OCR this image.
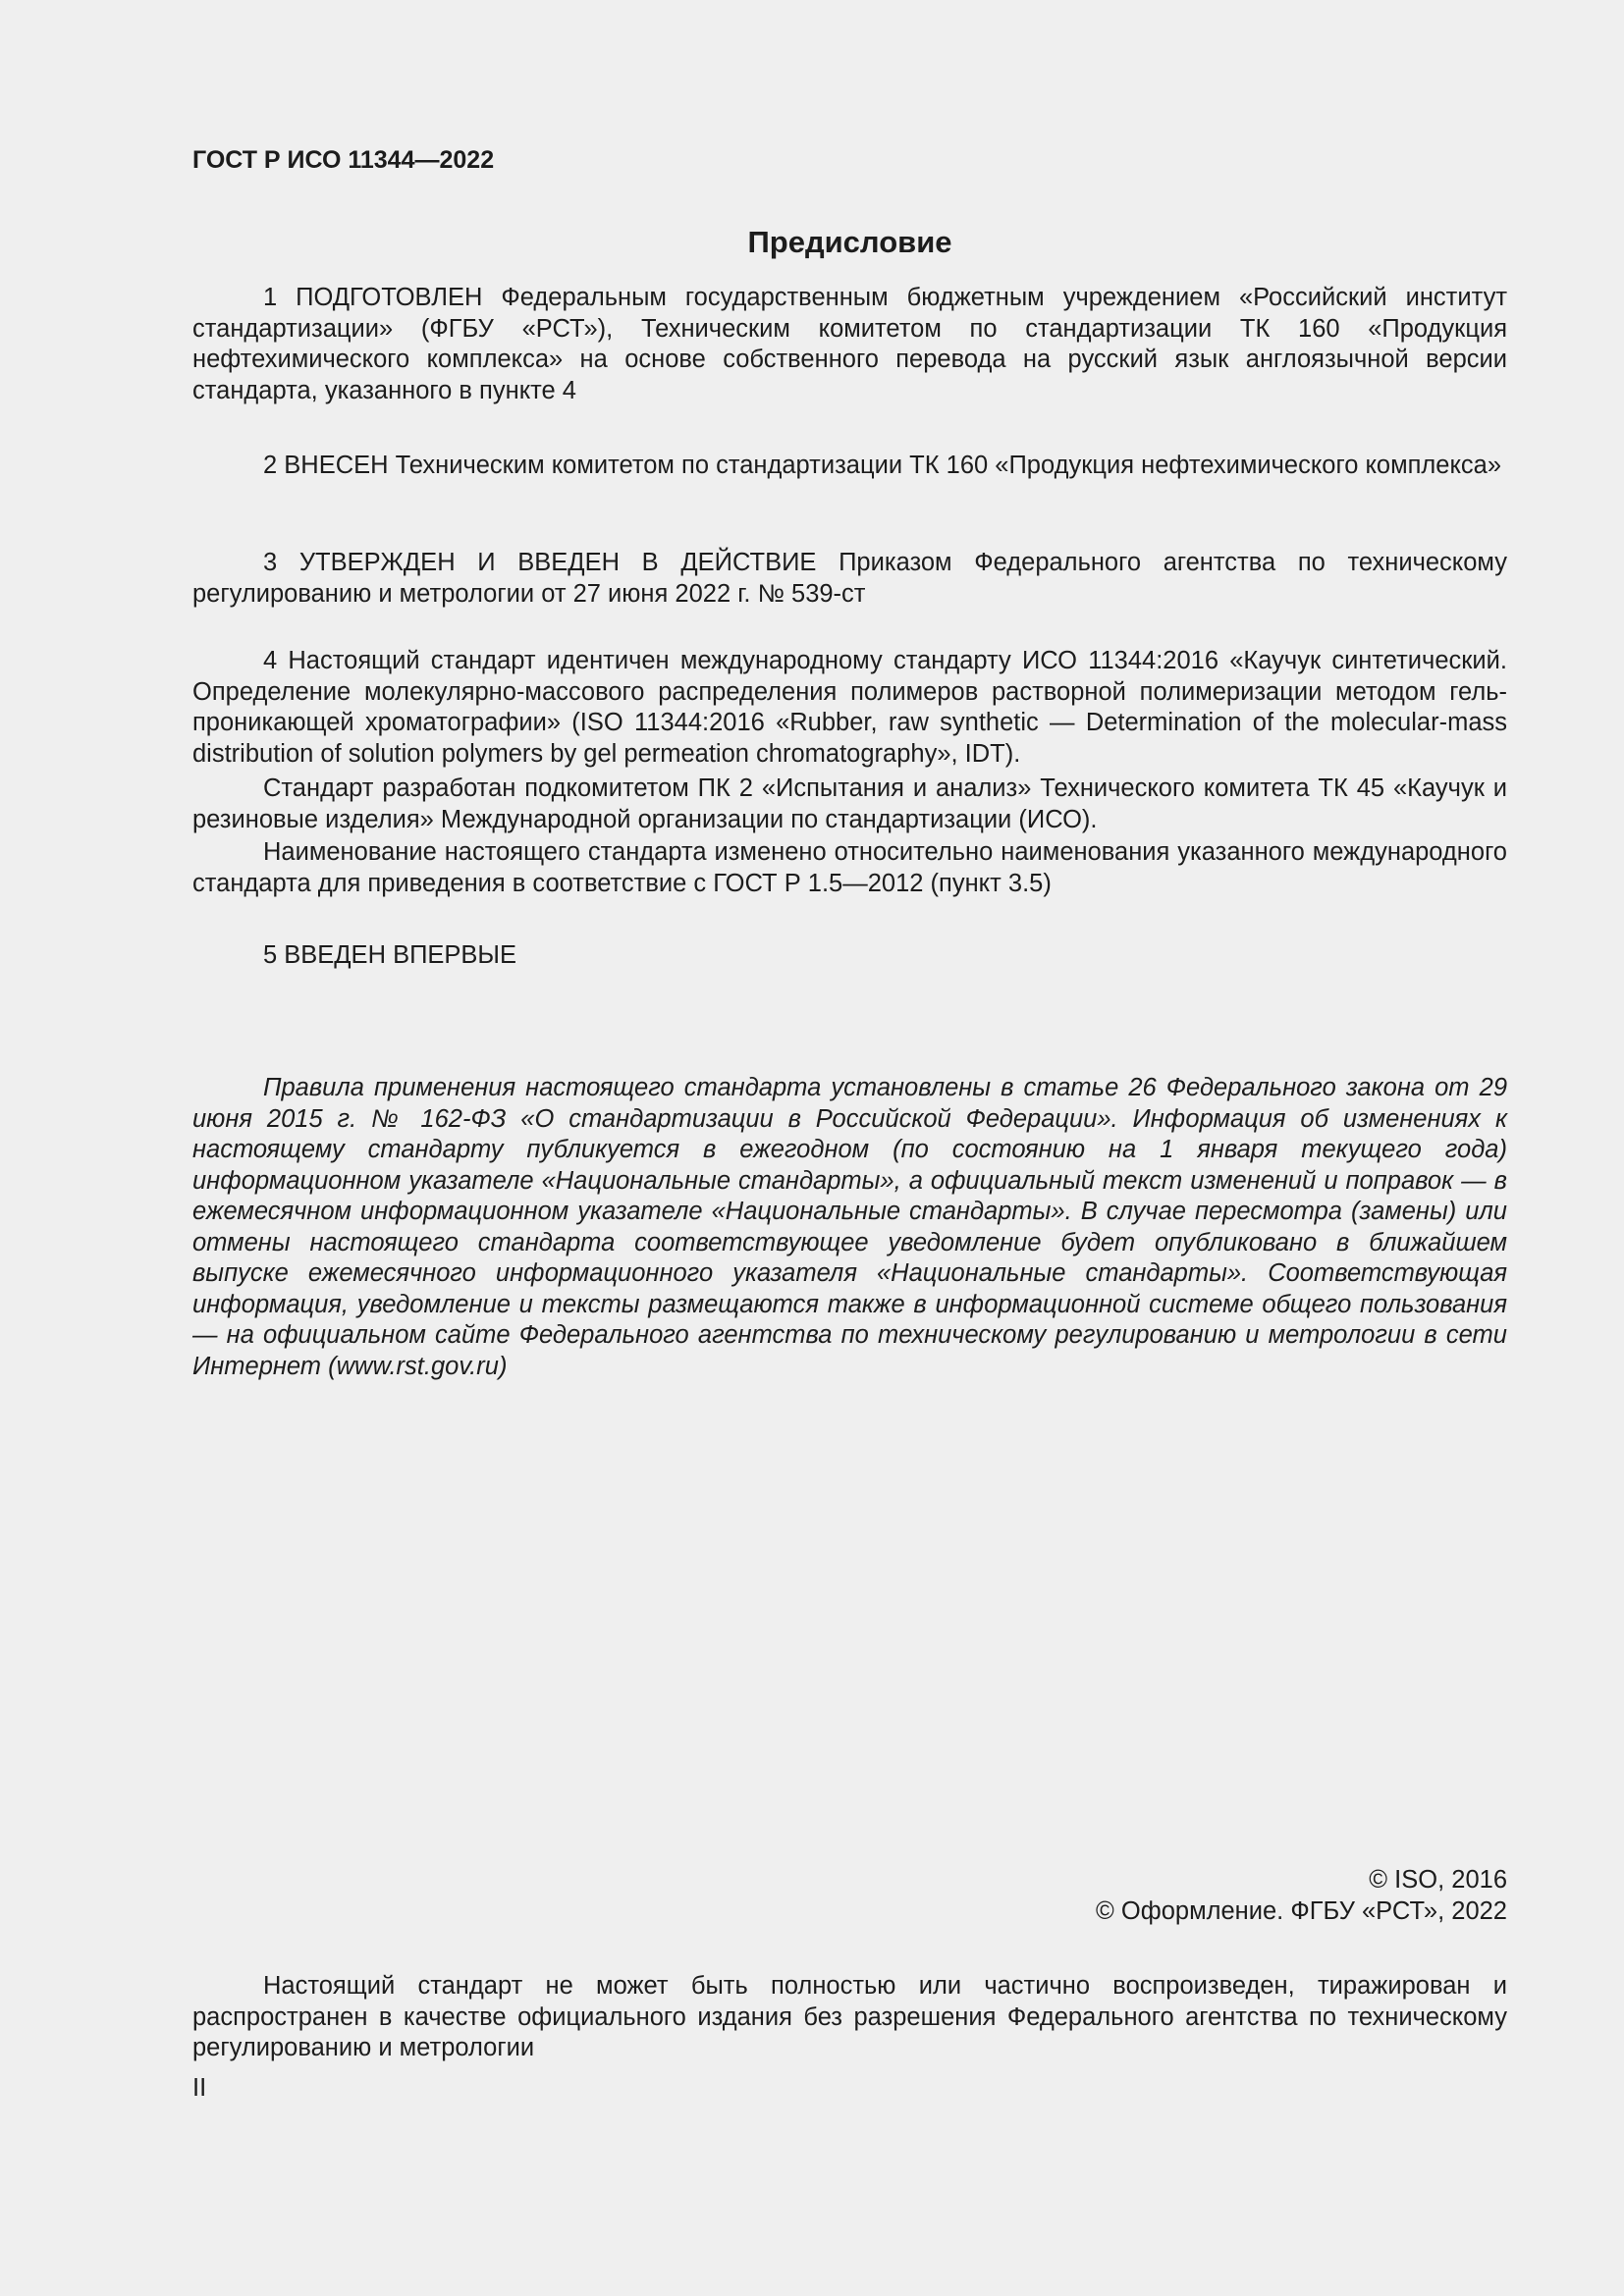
ГОСТ Р ИСО 11344—2022

Предисловие

1 ПОДГОТОВЛЕН Федеральным государственным бюджетным учреждением «Российский институт стандартизации» (ФГБУ «РСТ»), Техническим комитетом по стандартизации ТК 160 «Продукция нефтехимического комплекса» на основе собственного перевода на русский язык англоязычной версии стандарта, указанного в пункте 4

2 ВНЕСЕН Техническим комитетом по стандартизации ТК 160 «Продукция нефтехимического комплекса»

3 УТВЕРЖДЕН И ВВЕДЕН В ДЕЙСТВИЕ Приказом Федерального агентства по техническому регулированию и метрологии от 27 июня 2022 г. № 539-ст

4 Настоящий стандарт идентичен международному стандарту ИСО 11344:2016 «Каучук синтетический. Определение молекулярно-массового распределения полимеров растворной полимеризации методом гель-проникающей хроматографии» (ISO 11344:2016 «Rubber, raw synthetic — Determination of the molecular-mass distribution of solution polymers by gel permeation chromatography», IDT).

Стандарт разработан подкомитетом ПК 2 «Испытания и анализ» Технического комитета ТК 45 «Каучук и резиновые изделия» Международной организации по стандартизации (ИСО).

Наименование настоящего стандарта изменено относительно наименования указанного международного стандарта для приведения в соответствие с ГОСТ Р 1.5—2012 (пункт 3.5)

5 ВВЕДЕН ВПЕРВЫЕ

Правила применения настоящего стандарта установлены в статье 26 Федерального закона от 29 июня 2015 г. № 162-ФЗ «О стандартизации в Российской Федерации». Информация об изменениях к настоящему стандарту публикуется в ежегодном (по состоянию на 1 января текущего года) информационном указателе «Национальные стандарты», а официальный текст изменений и поправок — в ежемесячном информационном указателе «Национальные стандарты». В случае пересмотра (замены) или отмены настоящего стандарта соответствующее уведомление будет опубликовано в ближайшем выпуске ежемесячного информационного указателя «Национальные стандарты». Соответствующая информация, уведомление и тексты размещаются также в информационной системе общего пользования — на официальном сайте Федерального агентства по техническому регулированию и метрологии в сети Интернет (www.rst.gov.ru)

© ISO, 2016

© Оформление. ФГБУ «РСТ», 2022

Настоящий стандарт не может быть полностью или частично воспроизведен, тиражирован и распространен в качестве официального издания без разрешения Федерального агентства по техническому регулированию и метрологии

II
